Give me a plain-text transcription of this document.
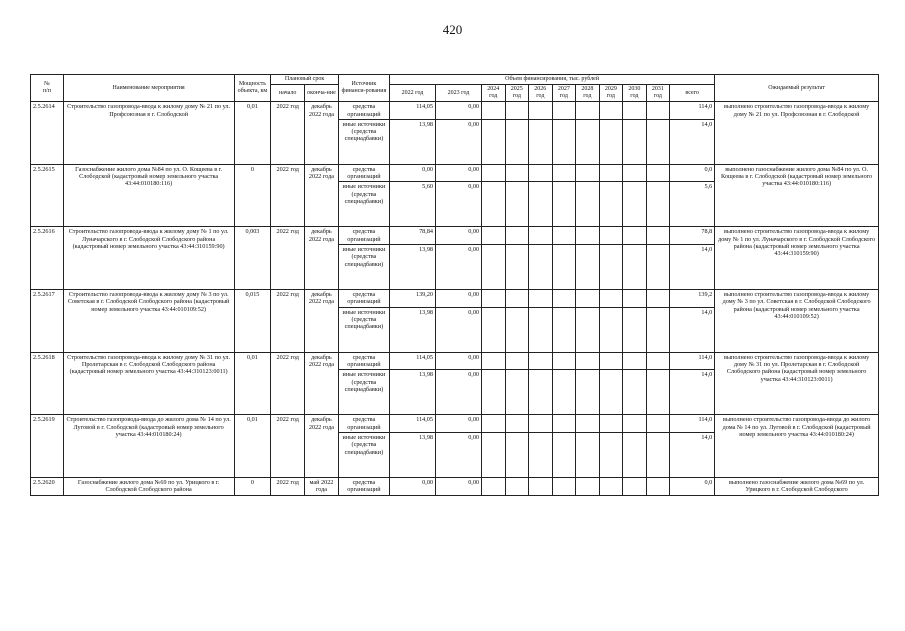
420
№
п/п	Наименование мероприятия	Мощность объекта, км	Плановый срок		Источник финанси-рования	Объем финансирования, тыс. рублей											Ожидаемый результат
			начало	оконча-ние		2022 год	2023 год	2024 год	2025 год	2026 год	2027 год	2028 год	2029 год	2030 год	2031 год	всего	
2.5.2614	Строительство газопровода-ввода к жилому дому № 21 по ул. Профсоюзная в г. Слободской	0,01	2022 год	декабрь 2022 года	средства организаций	114,05	0,00									114,0	выполнено строительство газопровода-ввода к жилому дому № 21 по ул. Профсоюзная в г. Слободской
					иные источники (средства спецнадбавки)	13,98	0,00									14,0	
2.5.2615	Газоснабжение жилого дома №84 по ул. О. Кощеева в г. Слободской (кадастровый номер земельного участка 43:44:010180:116)	0	2022 год	декабрь 2022 года	средства организаций	0,00	0,00									0,0	выполнено газоснабжение жилого дома №84 по ул. О. Кощеева в г. Слободской (кадастровый номер земельного участка 43:44:010180:116)
					иные источники (средства спецнадбавки)	5,60	0,00									5,6	
2.5.2616	Строительство газопровода-ввода к жилому дому № 1 по ул. Луначарского в г. Слободской Слободского района (кадастровый номер земельного участка 43:44:310159:90)	0,003	2022 год	декабрь 2022 года	средства организаций	78,84	0,00									78,8	выполнено строительство газопровода-ввода к жилому дому № 1 по ул. Луначарского в г. Слободской Слободского района (кадастровый номер земельного участка 43:44:310159:90)
					иные источники (средства спецнадбавки)	13,98	0,00									14,0	
2.5.2617	Строительство газопровода-ввода к жилому дому № 3 по ул. Советская в г. Слободской Слободского района (кадастровый номер земельного участка 43:44:010109:52)	0,015	2022 год	декабрь 2022 года	средства организаций	139,20	0,00									139,2	выполнено строительство газопровода-ввода к жилому дому № 3 по ул. Советская в г. Слободской Слободского района (кадастровый номер земельного участка 43:44:010109:52)
					иные источники (средства спецнадбавки)	13,98	0,00									14,0	
2.5.2618	Строительство газопровода-ввода к жилому дому № 31 по ул. Пролетарская в г. Слободской Слободского района (кадастровый номер земельного участка 43:44:310123:0011)	0,01	2022 год	декабрь 2022 года	средства организаций	114,05	0,00									114,0	выполнено строительство газопровода-ввода к жилому дому № 31 по ул. Пролетарская в г. Слободской Слободского района (кадастровый номер земельного участка 43:44:310123:0011)
					иные источники (средства спецнадбавки)	13,98	0,00									14,0	
2.5.2619	Строительство газопровода-ввода до жилого дома № 14 по ул. Луговой в г. Слободской (кадастровый номер земельного участка 43:44:010180:24)	0,01	2022 год	декабрь 2022 года	средства организаций	114,05	0,00									114,0	выполнено строительство газопровода-ввода до жилого дома № 14 по ул. Луговой в г. Слободской (кадастровый номер земельного участка 43:44:010180:24)
					иные источники (средства спецнадбавки)	13,98	0,00									14,0	
2.5.2620	Газоснабжение жилого дома №69 по ул. Урицкого в г. Слободской Слободского района	0	2022 год	май 2022 года	средства организаций	0,00	0,00									0,0	выполнено газоснабжение жилого дома №69 по ул. Урицкого в г. Слободской Слободского
